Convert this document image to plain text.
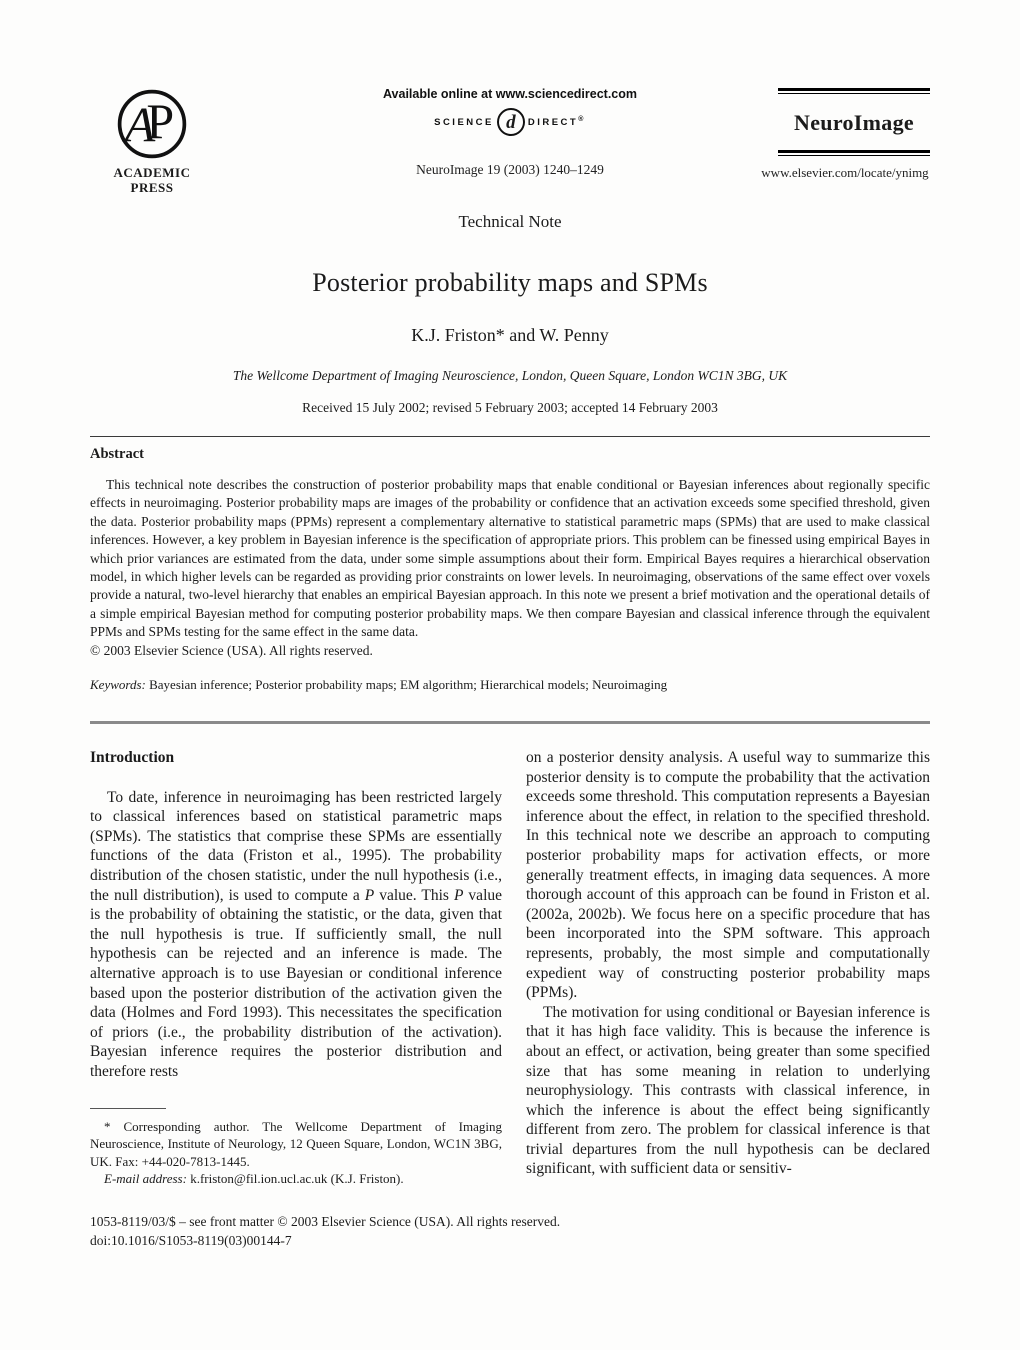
A
P
ACADEMIC
PRESS
Available online at www.sciencedirect.com
SCIENCE d	DIRECT®
NeuroImage 19 (2003) 1240–1249
NeuroImage
www.elsevier.com/locate/ynimg
Technical Note
Posterior probability maps and SPMs
K.J. Friston* and W. Penny
The Wellcome Department of Imaging Neuroscience, London, Queen Square, London WC1N 3BG, UK
Received 15 July 2002; revised 5 February 2003; accepted 14 February 2003
Abstract
This technical note describes the construction of posterior probability maps that enable conditional or Bayesian inferences about regionally specific effects in neuroimaging. Posterior probability maps are images of the probability or confidence that an activation exceeds some specified threshold, given the data. Posterior probability maps (PPMs) represent a complementary alternative to statistical parametric maps (SPMs) that are used to make classical inferences. However, a key problem in Bayesian inference is the specification of appropriate priors. This problem can be finessed using empirical Bayes in which prior variances are estimated from the data, under some simple assumptions about their form. Empirical Bayes requires a hierarchical observation model, in which higher levels can be regarded as providing prior constraints on lower levels. In neuroimaging, observations of the same effect over voxels provide a natural, two-level hierarchy that enables an empirical Bayesian approach. In this note we present a brief motivation and the operational details of a simple empirical Bayesian method for computing posterior probability maps. We then compare Bayesian and classical inference through the equivalent PPMs and SPMs testing for the same effect in the same data.
© 2003 Elsevier Science (USA). All rights reserved.
Keywords: Bayesian inference; Posterior probability maps; EM algorithm; Hierarchical models; Neuroimaging
Introduction

To date, inference in neuroimaging has been restricted largely to classical inferences based on statistical parametric maps (SPMs). The statistics that comprise these SPMs are essentially functions of the data (Friston et al., 1995). The probability distribution of the chosen statistic, under the null hypothesis (i.e., the null distribution), is used to compute a P value. This P value is the probability of obtaining the statistic, or the data, given that the null hypothesis is true. If sufficiently small, the null hypothesis can be rejected and an inference is made. The alternative approach is to use Bayesian or conditional inference based upon the posterior distribution of the activation given the data (Holmes and Ford 1993). This necessitates the specification of priors (i.e., the probability distribution of the activation). Bayesian inference requires the posterior distribution and therefore rests

on a posterior density analysis. A useful way to summarize this posterior density is to compute the probability that the activation exceeds some threshold. This computation represents a Bayesian inference about the effect, in relation to the specified threshold. In this technical note we describe an approach to computing posterior probability maps for activation effects, or more generally treatment effects, in imaging data sequences. A more thorough account of this approach can be found in Friston et al. (2002a, 2002b). We focus here on a specific procedure that has been incorporated into the SPM software. This approach represents, probably, the most simple and computationally expedient way of constructing posterior probability maps (PPMs).

The motivation for using conditional or Bayesian inference is that it has high face validity. This is because the inference is about an effect, or activation, being greater than some specified size that has some meaning in relation to underlying neurophysiology. This contrasts with classical inference, in which the inference is about the effect being significantly different from zero. The problem for classical inference is that trivial departures from the null hypothesis can be declared significant, with sufficient data or sensitiv-

* Corresponding author. The Wellcome Department of Imaging Neuroscience, Institute of Neurology, 12 Queen Square, London, WC1N 3BG, UK. Fax: +44-020-7813-1445.

E-mail address: k.friston@fil.ion.ucl.ac.uk (K.J. Friston).

1053-8119/03/$ – see front matter © 2003 Elsevier Science (USA). All rights reserved.
doi:10.1016/S1053-8119(03)00144-7
